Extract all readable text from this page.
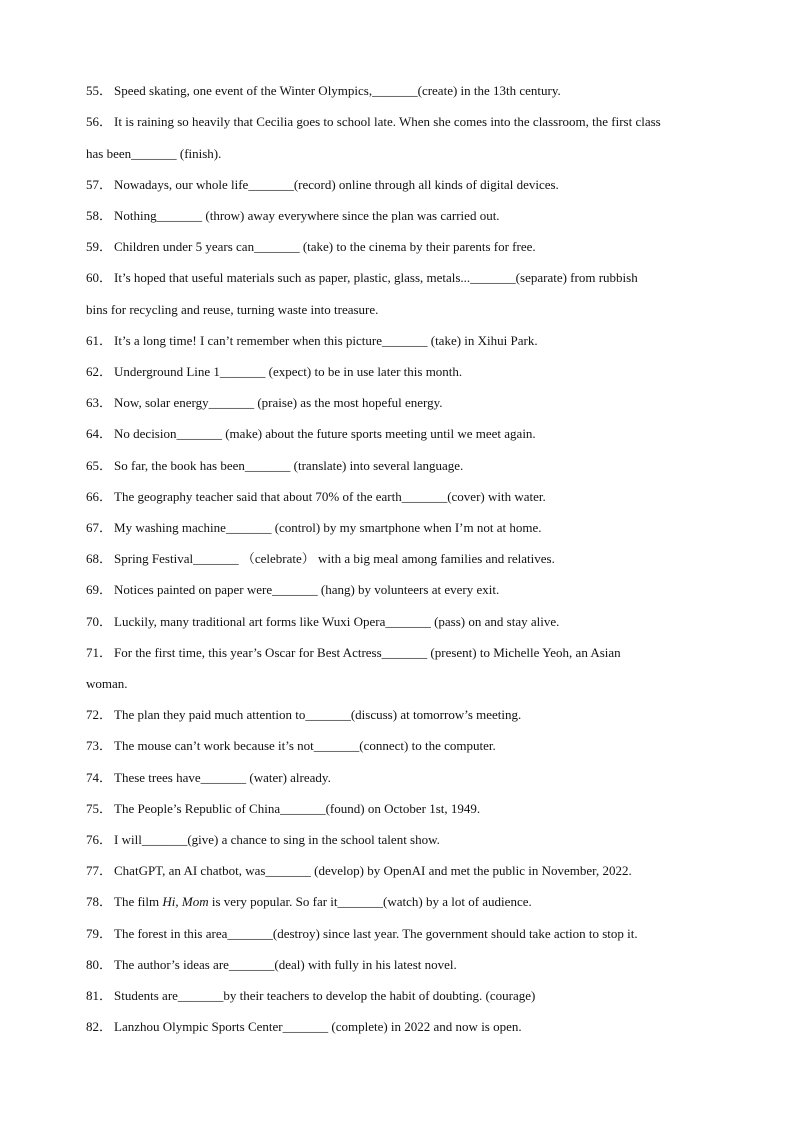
55． Speed skating, one event of the Winter Olympics,_______(create) in the 13th century.
56． It is raining so heavily that Cecilia goes to school late. When she comes into the classroom, the first class
has been_______ (finish).
57． Nowadays, our whole life_______(record) online through all kinds of digital devices.
58． Nothing_______ (throw) away everywhere since the plan was carried out.
59． Children under 5 years can_______ (take) to the cinema by their parents for free.
60． It’s hoped that useful materials such as paper, plastic, glass, metals..._______(separate) from rubbish
bins for recycling and reuse, turning waste into treasure.
61． It’s a long time! I can’t remember when this picture_______ (take) in Xihui Park.
62． Underground Line 1_______ (expect) to be in use later this month.
63． Now, solar energy_______ (praise) as the most hopeful energy.
64． No decision_______ (make) about the future sports meeting until we meet again.
65． So far, the book has been_______ (translate) into several language.
66． The geography teacher said that about 70% of the earth_______(cover) with water.
67． My washing machine_______ (control) by my smartphone when I’m not at home.
68． Spring Festival_______ （celebrate） with a big meal among families and relatives.
69． Notices painted on paper were_______ (hang) by volunteers at every exit.
70． Luckily, many traditional art forms like Wuxi Opera_______ (pass) on and stay alive.
71． For the first time, this year’s Oscar for Best Actress_______ (present) to Michelle Yeoh, an Asian
woman.
72． The plan they paid much attention to_______(discuss) at tomorrow’s meeting.
73． The mouse can’t work because it’s not_______(connect) to the computer.
74． These trees have_______ (water) already.
75． The People’s Republic of China_______(found) on October 1st, 1949.
76． I will_______(give) a chance to sing in the school talent show.
77． ChatGPT, an AI chatbot, was_______ (develop) by OpenAI and met the public in November, 2022.
78． The film Hi, Mom is very popular. So far it_______(watch) by a lot of audience.
79． The forest in this area_______(destroy) since last year. The government should take action to stop it.
80． The author’s ideas are_______(deal) with fully in his latest novel.
81． Students are_______by their teachers to develop the habit of doubting. (courage)
82． Lanzhou Olympic Sports Center_______ (complete) in 2022 and now is open.
